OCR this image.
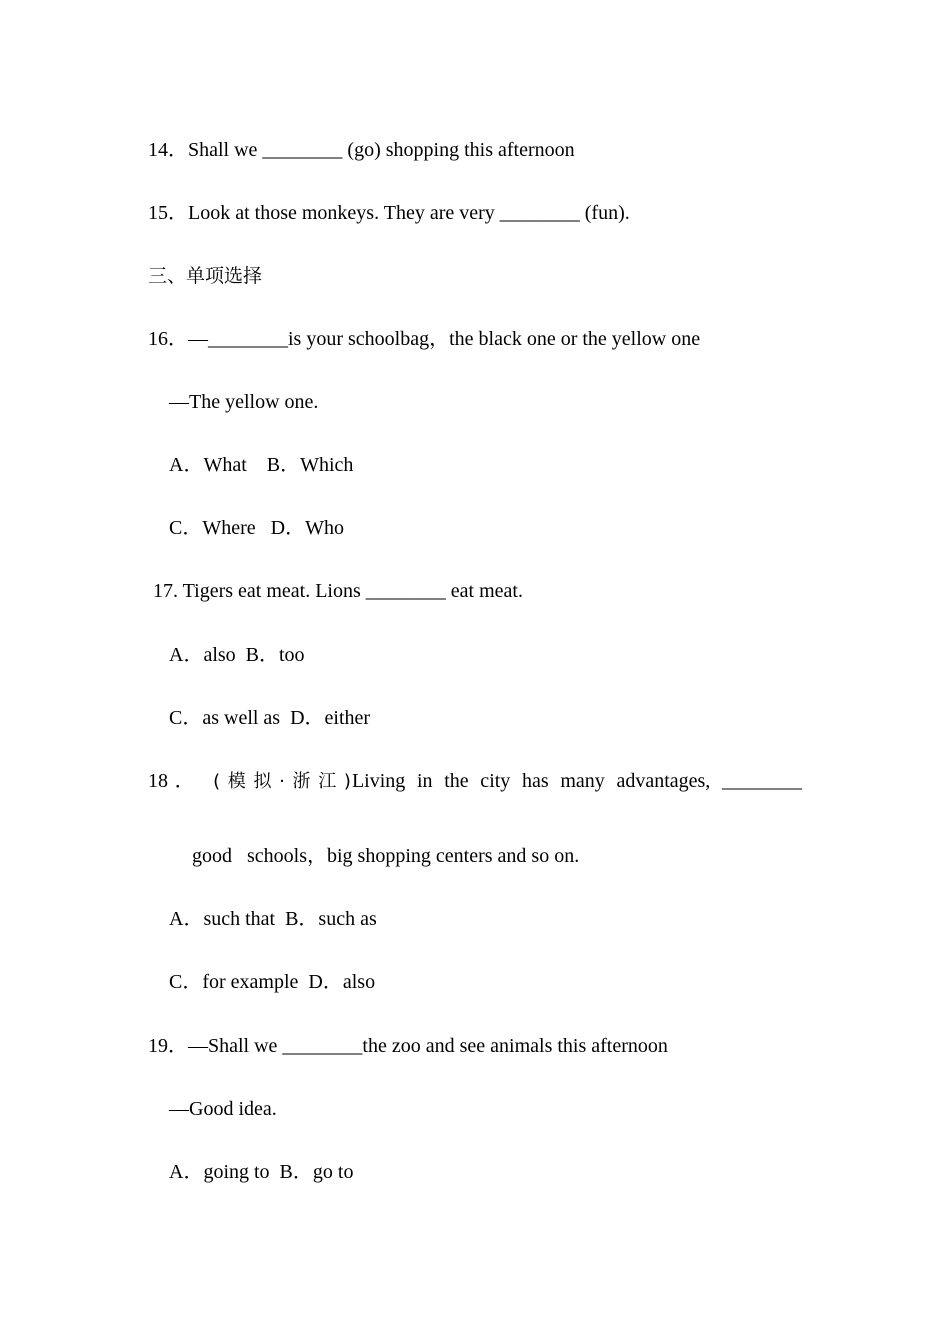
14．Shall we ________ (go) shopping this afternoon
15．Look at those monkeys. They are very ________ (fun).
三、单项选择
16．—________is your schoolbag，the black one or the yellow one
—The yellow one.
A．What    B．Which
C．Where   D．Who
17. Tigers eat meat. Lions ________ eat meat.
A．also  B．too
C．as well as  D．either
18． (模拟·浙江)Living in the city has many advantages, ________
good   schools，big shopping centers and so on.
A．such that  B．such as
C．for example  D．also
19．—Shall we ________the zoo and see animals this afternoon
—Good idea.
A．going to  B．go to
